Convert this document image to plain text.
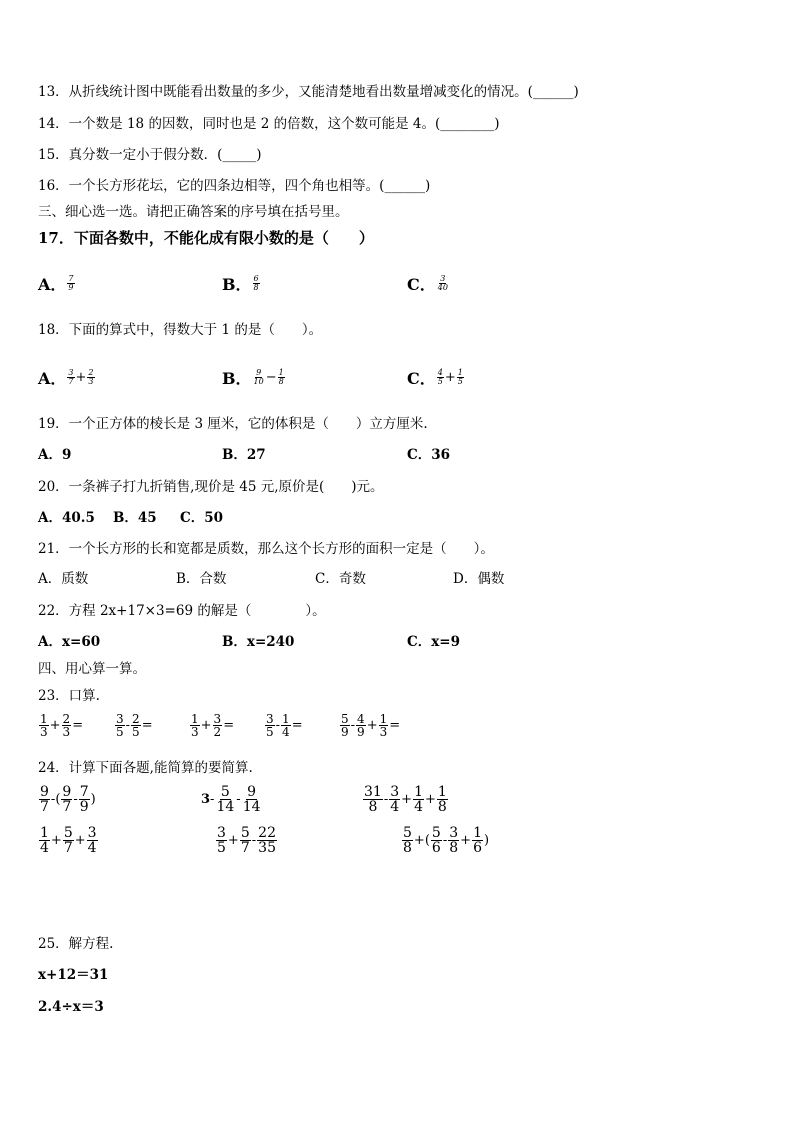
13．从折线统计图中既能看出数量的多少，又能清楚地看出数量增减变化的情况。(______)
14．一个数是 18 的因数，同时也是 2 的倍数，这个数可能是 4。(________)
15．真分数一定小于假分数．(_____)
16．一个长方形花坛，它的四条边相等，四个角也相等。(______)
三、细心选一选。请把正确答案的序号填在括号里。
17．下面各数中，不能化成有限小数的是（　　）
A． $\frac{7}{9}$	B． $\frac{6}{8}$	C． $\frac{3}{40}$
18．下面的算式中，得数大于 1 的是（　　）。
A． $\frac{3}{7} + \frac{2}{3}$	B． $\frac{9}{10} - \frac{1}{8}$	C． $\frac{4}{5} + \frac{1}{5}$
19．一个正方体的棱长是 3 厘米，它的体积是（　　）立方厘米.
A．9	B．27	C．36
20．一条裤子打九折销售,现价是 45 元,原价是(　　)元。
A．40.5 B．45 C．50
21．一个长方形的长和宽都是质数，那么这个长方形的面积一定是（　　）。
A．质数	B．合数	C．奇数	D．偶数
22．方程 2x+17×3=69 的解是（　　　　）。
A．x=60	B．x=240	C．x=9
四、用心算一算。
23．口算.
$\frac{1}{3} + \frac{2}{3}$ =	$\frac{3}{5} - \frac{2}{5}$ =	$\frac{1}{3} + \frac{3}{2}$ =	$\frac{3}{5} - \frac{1}{4}$ =	$\frac{5}{9} - \frac{4}{9} + \frac{1}{3}$ =
24．计算下面各题,能简算的要简算.
$\frac{9}{7}$ - ( $\frac{9}{7} - \frac{7}{9}$ )	$3 - \frac{5}{14} - \frac{9}{14}$	$\frac{31}{8} - \frac{3}{4} + \frac{1}{4} + \frac{1}{8}$
$\frac{1}{4} + \frac{5}{7} + \frac{3}{4}$	$\frac{3}{5} + \frac{5}{7} - \frac{22}{35}$	$\frac{5}{8}$ + ( $\frac{5}{6} - \frac{3}{8} + \frac{1}{6}$ )
25．解方程.
x+12＝31
2.4÷x＝3
